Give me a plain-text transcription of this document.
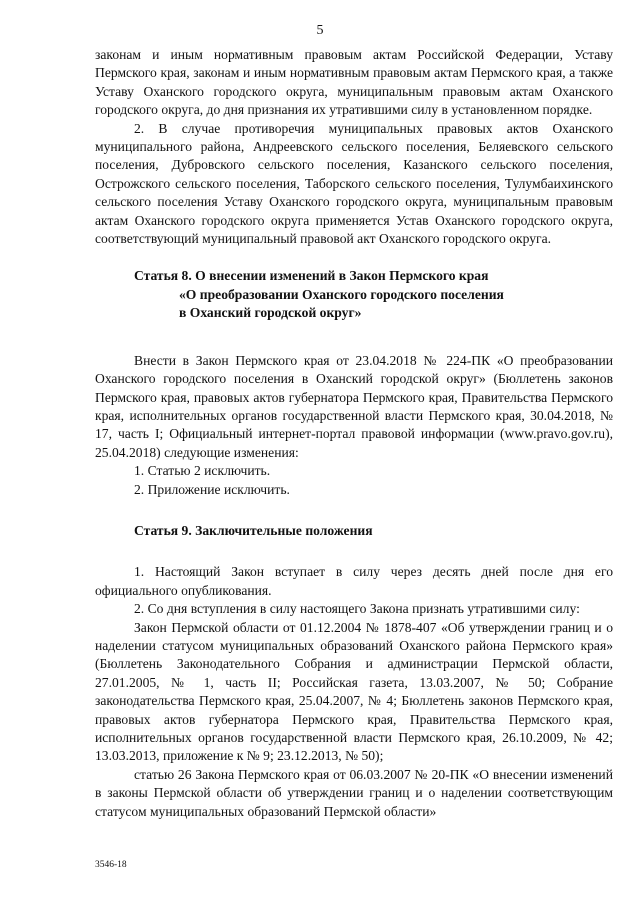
5

законам и иным нормативным правовым актам Российской Федерации, Уставу Пермского края, законам и иным нормативным правовым актам Пермского края, а также Уставу Оханского городского округа, муниципальным правовым актам Оханского городского округа, до дня признания их утратившими силу в установленном порядке.

2. В случае противоречия муниципальных правовых актов Оханского муниципального района, Андреевского сельского поселения, Беляевского сельского поселения, Дубровского сельского поселения, Казанского сельского поселения, Острожского сельского поселения, Таборского сельского поселения, Тулумбаихинского сельского поселения Уставу Оханского городского округа, муниципальным правовым актам Оханского городского округа применяется Устав Оханского городского округа, соответствующий муниципальный правовой акт Оханского городского округа.

Статья 8. О внесении изменений в Закон Пермского края

«О преобразовании Оханского городского поселения

в Оханский городской округ»

Внести в Закон Пермского края от 23.04.2018 № 224-ПК «О преобразовании Оханского городского поселения в Оханский городской округ» (Бюллетень законов Пермского края, правовых актов губернатора Пермского края, Правительства Пермского края, исполнительных органов государственной власти Пермского края, 30.04.2018, № 17, часть I; Официальный интернет-портал правовой информации (www.pravo.gov.ru), 25.04.2018) следующие изменения:

1. Статью 2 исключить.

2. Приложение исключить.

Статья 9. Заключительные положения

1. Настоящий Закон вступает в силу через десять дней после дня его официального опубликования.

2. Со дня вступления в силу настоящего Закона признать утратившими силу:

Закон Пермской области от 01.12.2004 № 1878-407 «Об утверждении границ и о наделении статусом муниципальных образований Оханского района Пермского края» (Бюллетень Законодательного Собрания и администрации Пермской области, 27.01.2005, № 1, часть II; Российская газета, 13.03.2007, № 50; Собрание законодательства Пермского края, 25.04.2007, № 4; Бюллетень законов Пермского края, правовых актов губернатора Пермского края, Правительства Пермского края, исполнительных органов государственной власти Пермского края, 26.10.2009, № 42; 13.03.2013, приложение к № 9; 23.12.2013, № 50);

статью 26 Закона Пермского края от 06.03.2007 № 20-ПК «О внесении изменений в законы Пермской области об утверждении границ и о наделении соответствующим статусом муниципальных образований Пермской области»

3546-18
